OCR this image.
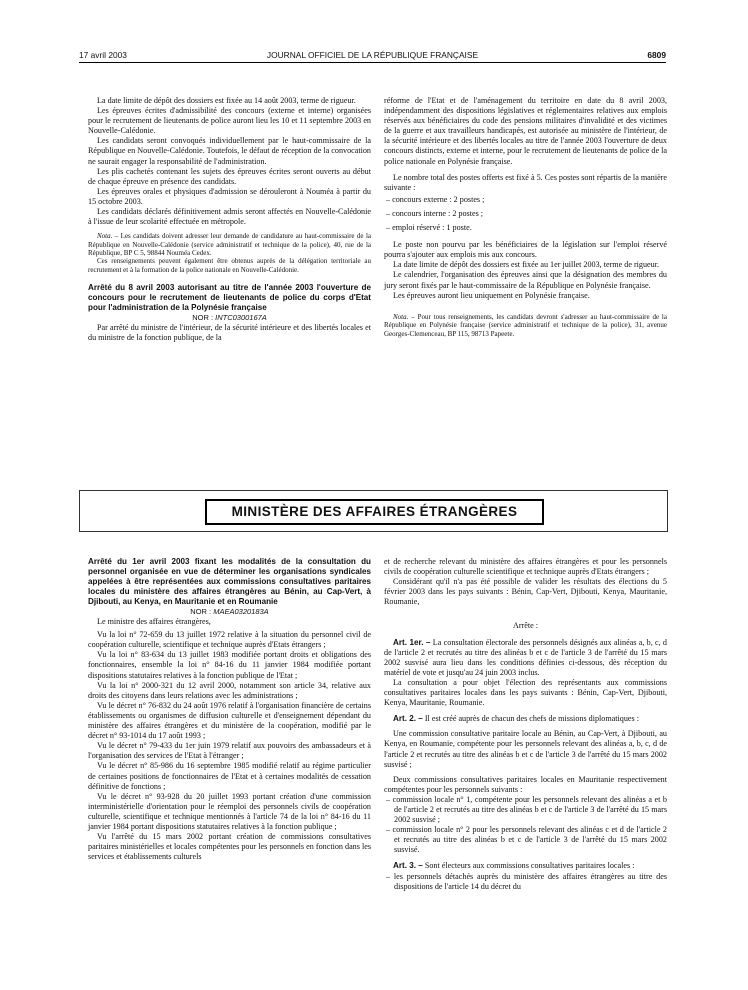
17 avril 2003	JOURNAL OFFICIEL DE LA RÉPUBLIQUE FRANÇAISE	6809

La date limite de dépôt des dossiers est fixée au 14 août 2003, terme de rigueur.

Les épreuves écrites d'admissibilité des concours (externe et interne) organisées pour le recrutement de lieutenants de police auront lieu les 10 et 11 septembre 2003 en Nouvelle-Calédonie.

Les candidats seront convoqués individuellement par le haut-commissaire de la République en Nouvelle-Calédonie. Toutefois, le défaut de réception de la convocation ne saurait engager la responsabilité de l'administration.

Les plis cachetés contenant les sujets des épreuves écrites seront ouverts au début de chaque épreuve en présence des candidats.

Les épreuves orales et physiques d'admission se dérouleront à Nouméa à partir du 15 octobre 2003.

Les candidats déclarés définitivement admis seront affectés en Nouvelle-Calédonie à l'issue de leur scolarité effectuée en métropole.

Nota. – Les candidats doivent adresser leur demande de candidature au haut-commissaire de la République en Nouvelle-Calédonie (service administratif et technique de la police), 40, rue de la République, BP C 5, 98844 Nouméa Cedex.

Ces renseignements peuvent également être obtenus auprès de la délégation territoriale au recrutement et à la formation de la police nationale en Nouvelle-Calédonie.

Arrêté du 8 avril 2003 autorisant au titre de l'année 2003 l'ouverture de concours pour le recrutement de lieutenants de police du corps d'Etat pour l'administration de la Polynésie française

NOR : INTC0300167A

Par arrêté du ministre de l'intérieur, de la sécurité intérieure et des libertés locales et du ministre de la fonction publique, de la

réforme de l'Etat et de l'aménagement du territoire en date du 8 avril 2003, indépendamment des dispositions législatives et réglementaires relatives aux emplois réservés aux bénéficiaires du code des pensions militaires d'invalidité et des victimes de la guerre et aux travailleurs handicapés, est autorisée au ministère de l'intérieur, de la sécurité intérieure et des libertés locales au titre de l'année 2003 l'ouverture de deux concours distincts, externe et interne, pour le recrutement de lieutenants de police de la police nationale en Polynésie française.

Le nombre total des postes offerts est fixé à 5. Ces postes sont répartis de la manière suivante :

– concours externe : 2 postes ;
– concours interne : 2 postes ;
– emploi réservé : 1 poste.

Le poste non pourvu par les bénéficiaires de la législation sur l'emploi réservé pourra s'ajouter aux emplois mis aux concours.

La date limite de dépôt des dossiers est fixée au 1er juillet 2003, terme de rigueur.

Le calendrier, l'organisation des épreuves ainsi que la désignation des membres du jury seront fixés par le haut-commissaire de la République en Polynésie française.

Les épreuves auront lieu uniquement en Polynésie française.

Nota. – Pour tous renseignements, les candidats devront s'adresser au haut-commissaire de la République en Polynésie française (service administratif et technique de la police), 31, avenue Georges-Clemenceau, BP 115, 98713 Papeete.

MINISTÈRE DES AFFAIRES ÉTRANGÈRES

Arrêté du 1er avril 2003 fixant les modalités de la consultation du personnel organisée en vue de déterminer les organisations syndicales appelées à être représentées aux commissions consultatives paritaires locales du ministère des affaires étrangères au Bénin, au Cap-Vert, à Djibouti, au Kenya, en Mauritanie et en Roumanie

NOR : MAEA0320183A

Le ministre des affaires étrangères,

Vu la loi n° 72-659 du 13 juillet 1972 relative à la situation du personnel civil de coopération culturelle, scientifique et technique auprès d'Etats étrangers ;

Vu la loi n° 83-634 du 13 juillet 1983 modifiée portant droits et obligations des fonctionnaires, ensemble la loi n° 84-16 du 11 janvier 1984 modifiée portant dispositions statutaires relatives à la fonction publique de l'Etat ;

Vu la loi n° 2000-321 du 12 avril 2000, notamment son article 34, relative aux droits des citoyens dans leurs relations avec les administrations ;

Vu le décret n° 76-832 du 24 août 1976 relatif à l'organisation financière de certains établissements ou organismes de diffusion culturelle et d'enseignement dépendant du ministère des affaires étrangères et du ministère de la coopération, modifié par le décret n° 93-1014 du 17 août 1993 ;

Vu le décret n° 79-433 du 1er juin 1979 relatif aux pouvoirs des ambassadeurs et à l'organisation des services de l'Etat à l'étranger ;

Vu le décret n° 85-986 du 16 septembre 1985 modifié relatif au régime particulier de certaines positions de fonctionnaires de l'Etat et à certaines modalités de cessation définitive de fonctions ;

Vu le décret n° 93-928 du 20 juillet 1993 portant création d'une commission interministérielle d'orientation pour le réemploi des personnels civils de coopération culturelle, scientifique et technique mentionnés à l'article 74 de la loi n° 84-16 du 11 janvier 1984 portant dispositions statutaires relatives à la fonction publique ;

Vu l'arrêté du 15 mars 2002 portant création de commissions consultatives paritaires ministérielles et locales compétentes pour les personnels en fonction dans les services et établissements culturels

et de recherche relevant du ministère des affaires étrangères et pour les personnels civils de coopération culturelle scientifique et technique auprès d'Etats étrangers ;

Considérant qu'il n'a pas été possible de valider les résultats des élections du 5 février 2003 dans les pays suivants : Bénin, Cap-Vert, Djibouti, Kenya, Mauritanie, Roumanie,

Arrête :

Art. 1er. – La consultation électorale des personnels désignés aux alinéas a, b, c, d de l'article 2 et recrutés au titre des alinéas b et c de l'article 3 de l'arrêté du 15 mars 2002 susvisé aura lieu dans les conditions définies ci-dessous, dès réception du matériel de vote et jusqu'au 24 juin 2003 inclus.

La consultation a pour objet l'élection des représentants aux commissions consultatives paritaires locales dans les pays suivants : Bénin, Cap-Vert, Djibouti, Kenya, Mauritanie, Roumanie.

Art. 2. – Il est créé auprès de chacun des chefs de missions diplomatiques :

Une commission consultative paritaire locale au Bénin, au Cap-Vert, à Djibouti, au Kenya, en Roumanie, compétente pour les personnels relevant des alinéas a, b, c, d de l'article 2 et recrutés au titre des alinéas b et c de l'article 3 de l'arrêté du 15 mars 2002 susvisé ;

Deux commissions consultatives paritaires locales en Mauritanie respectivement compétentes pour les personnels suivants :

– commission locale n° 1, compétente pour les personnels relevant des alinéas a et b de l'article 2 et recrutés au titre des alinéas b et c de l'article 3 de l'arrêté du 15 mars 2002 susvisé ;
– commission locale n° 2 pour les personnels relevant des alinéas c et d de l'article 2 et recrutés au titre des alinéas b et c de l'article 3 de l'arrêté du 15 mars 2002 susvisé.

Art. 3. – Sont électeurs aux commissions consultatives paritaires locales :

– les personnels détachés auprès du ministère des affaires étrangères au titre des dispositions de l'article 14 du décret du
